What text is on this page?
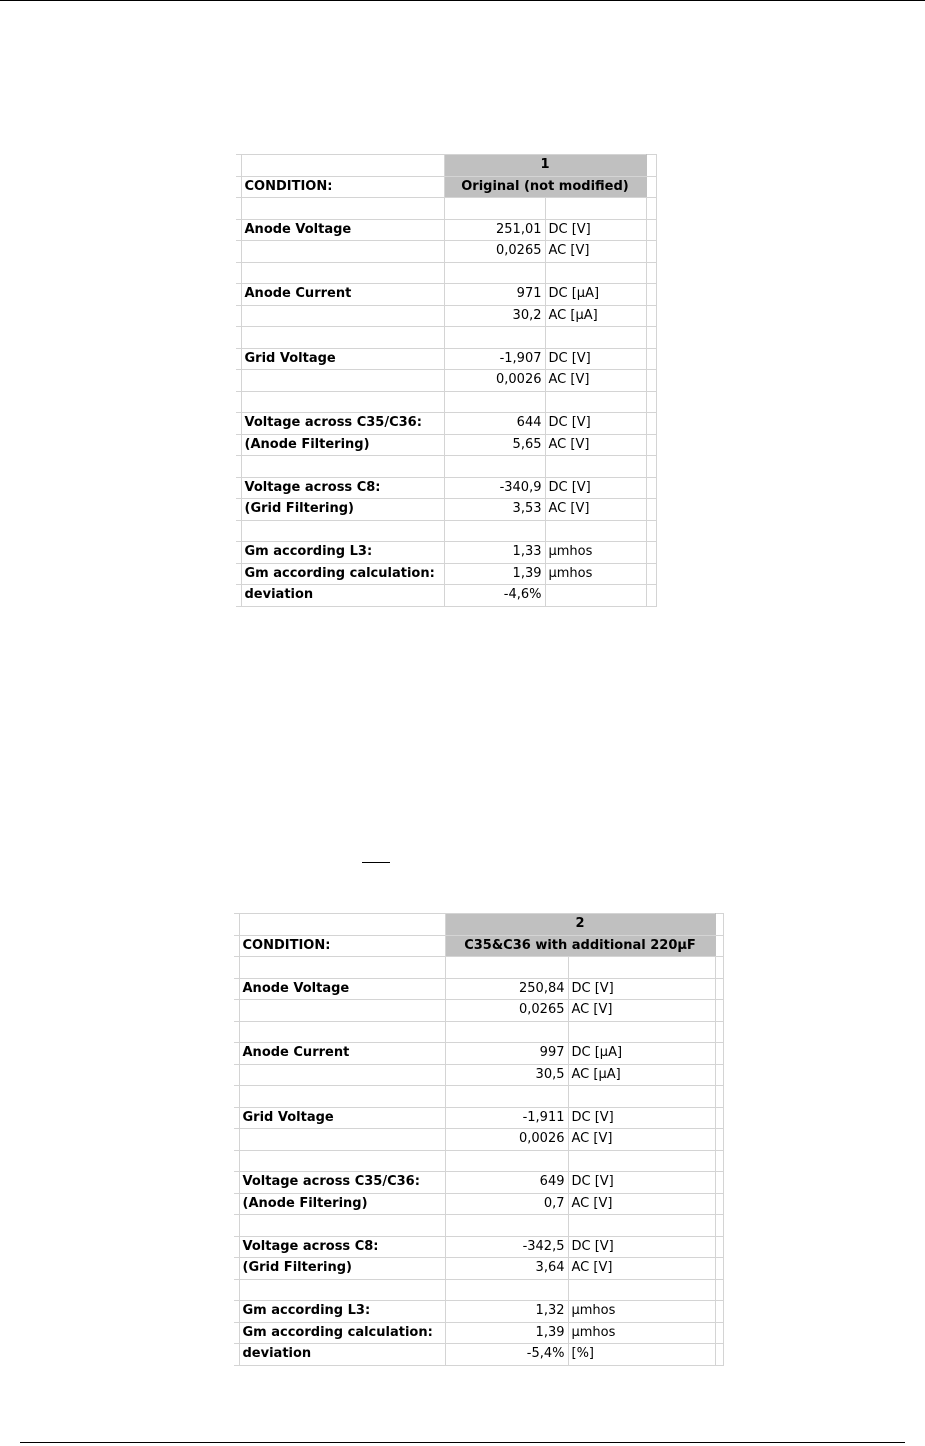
		1		
	CONDITION:	Original (not modified)		

	Anode Voltage	251,01	DC [V]	
		0,0265	AC [V]	

	Anode Current	971	DC [µA]	
		30,2	AC [µA]	

	Grid Voltage	-1,907	DC [V]	
		0,0026	AC [V]	

	Voltage across C35/C36:	644	DC [V]	
	(Anode Filtering)	5,65	AC [V]	

	Voltage across C8:	-340,9	DC [V]	
	(Grid Filtering)	3,53	AC [V]	

	Gm according L3:	1,33	µmhos	
	Gm according calculation:	1,39	µmhos	
	deviation	-4,6%		
		2		
	CONDITION:	C35&C36 with additional 220µF		

	Anode Voltage	250,84	DC [V]	
		0,0265	AC [V]	

	Anode Current	997	DC [µA]	
		30,5	AC [µA]	

	Grid Voltage	-1,911	DC [V]	
		0,0026	AC [V]	

	Voltage across C35/C36:	649	DC [V]	
	(Anode Filtering)	0,7	AC [V]	

	Voltage across C8:	-342,5	DC [V]	
	(Grid Filtering)	3,64	AC [V]	

	Gm according L3:	1,32	µmhos	
	Gm according calculation:	1,39	µmhos	
	deviation	-5,4%	[%]	
